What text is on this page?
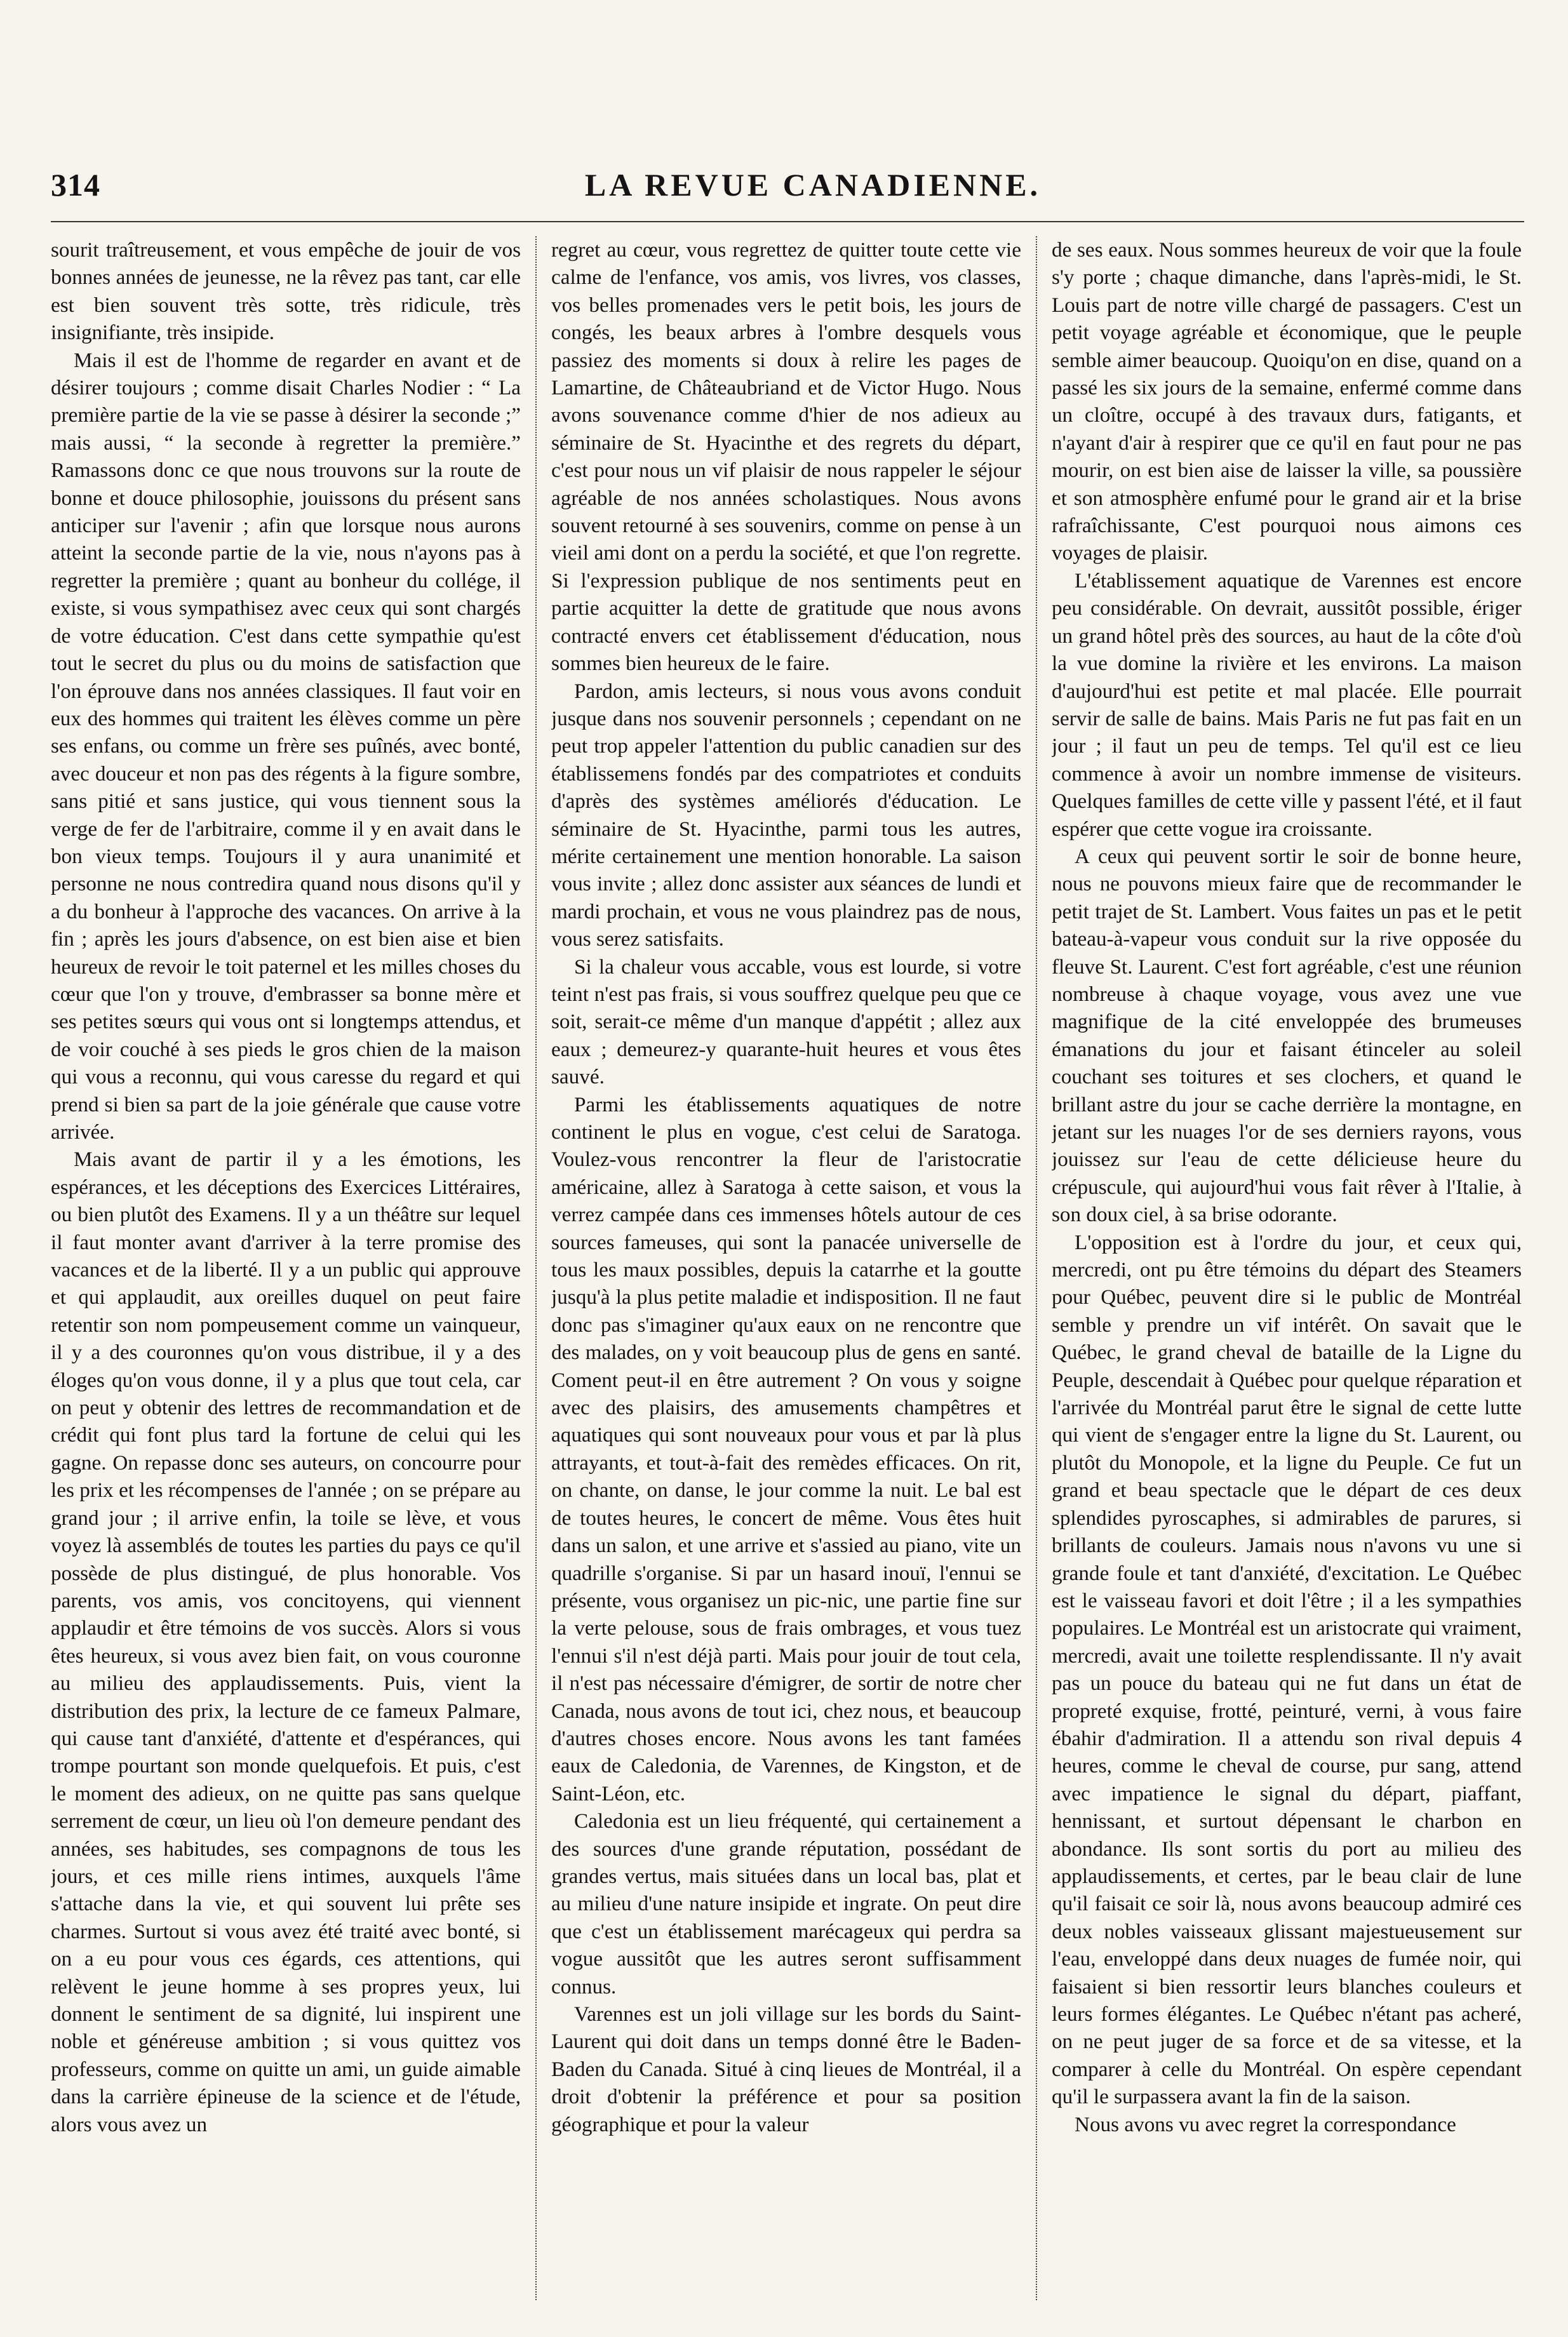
314	LA REVUE CANADIENNE.

sourit traîtreusement, et vous empêche de jouir de vos bonnes années de jeunesse, ne la rêvez pas tant, car elle est bien souvent très sotte, très ridicule, très insignifiante, très insipide.

Mais il est de l'homme de regarder en avant et de désirer toujours ; comme disait Charles Nodier : “ La première partie de la vie se passe à désirer la seconde ;” mais aussi, “ la seconde à regretter la première.” Ramassons donc ce que nous trouvons sur la route de bonne et douce philosophie, jouissons du présent sans anticiper sur l'avenir ; afin que lorsque nous aurons atteint la seconde partie de la vie, nous n'ayons pas à regretter la première ; quant au bonheur du collége, il existe, si vous sympathisez avec ceux qui sont chargés de votre éducation. C'est dans cette sympathie qu'est tout le secret du plus ou du moins de satisfaction que l'on éprouve dans nos années classiques. Il faut voir en eux des hommes qui traitent les élèves comme un père ses enfans, ou comme un frère ses puînés, avec bonté, avec douceur et non pas des régents à la figure sombre, sans pitié et sans justice, qui vous tiennent sous la verge de fer de l'arbitraire, comme il y en avait dans le bon vieux temps. Toujours il y aura unanimité et personne ne nous contredira quand nous disons qu'il y a du bonheur à l'approche des vacances. On arrive à la fin ; après les jours d'absence, on est bien aise et bien heureux de revoir le toit paternel et les milles choses du cœur que l'on y trouve, d'embrasser sa bonne mère et ses petites sœurs qui vous ont si longtemps attendus, et de voir couché à ses pieds le gros chien de la maison qui vous a reconnu, qui vous caresse du regard et qui prend si bien sa part de la joie générale que cause votre arrivée.

Mais avant de partir il y a les émotions, les espérances, et les déceptions des Exercices Littéraires, ou bien plutôt des Examens. Il y a un théâtre sur lequel il faut monter avant d'arriver à la terre promise des vacances et de la liberté. Il y a un public qui approuve et qui applaudit, aux oreilles duquel on peut faire retentir son nom pompeusement comme un vainqueur, il y a des couronnes qu'on vous distribue, il y a des éloges qu'on vous donne, il y a plus que tout cela, car on peut y obtenir des lettres de recommandation et de crédit qui font plus tard la fortune de celui qui les gagne. On repasse donc ses auteurs, on concourre pour les prix et les récompenses de l'année ; on se prépare au grand jour ; il arrive enfin, la toile se lève, et vous voyez là assemblés de toutes les parties du pays ce qu'il possède de plus distingué, de plus honorable. Vos parents, vos amis, vos concitoyens, qui viennent applaudir et être témoins de vos succès. Alors si vous êtes heureux, si vous avez bien fait, on vous couronne au milieu des applaudissements. Puis, vient la distribution des prix, la lecture de ce fameux Palmare, qui cause tant d'anxiété, d'attente et d'espérances, qui trompe pourtant son monde quelquefois. Et puis, c'est le moment des adieux, on ne quitte pas sans quelque serrement de cœur, un lieu où l'on demeure pendant des années, ses habitudes, ses compagnons de tous les jours, et ces mille riens intimes, auxquels l'âme s'attache dans la vie, et qui souvent lui prête ses charmes. Surtout si vous avez été traité avec bonté, si on a eu pour vous ces égards, ces attentions, qui relèvent le jeune homme à ses propres yeux, lui donnent le sentiment de sa dignité, lui inspirent une noble et généreuse ambition ; si vous quittez vos professeurs, comme on quitte un ami, un guide aimable dans la carrière épineuse de la science et de l'étude, alors vous avez un

regret au cœur, vous regrettez de quitter toute cette vie calme de l'enfance, vos amis, vos livres, vos classes, vos belles promenades vers le petit bois, les jours de congés, les beaux arbres à l'ombre desquels vous passiez des moments si doux à relire les pages de Lamartine, de Châteaubriand et de Victor Hugo. Nous avons souvenance comme d'hier de nos adieux au séminaire de St. Hyacinthe et des regrets du départ, c'est pour nous un vif plaisir de nous rappeler le séjour agréable de nos années scholastiques. Nous avons souvent retourné à ses souvenirs, comme on pense à un vieil ami dont on a perdu la société, et que l'on regrette. Si l'expression publique de nos sentiments peut en partie acquitter la dette de gratitude que nous avons contracté envers cet établissement d'éducation, nous sommes bien heureux de le faire.

Pardon, amis lecteurs, si nous vous avons conduit jusque dans nos souvenir personnels ; cependant on ne peut trop appeler l'attention du public canadien sur des établissemens fondés par des compatriotes et conduits d'après des systèmes améliorés d'éducation. Le séminaire de St. Hyacinthe, parmi tous les autres, mérite certainement une mention honorable. La saison vous invite ; allez donc assister aux séances de lundi et mardi prochain, et vous ne vous plaindrez pas de nous, vous serez satisfaits.

Si la chaleur vous accable, vous est lourde, si votre teint n'est pas frais, si vous souffrez quelque peu que ce soit, serait-ce même d'un manque d'appétit ; allez aux eaux ; demeurez-y quarante-huit heures et vous êtes sauvé.

Parmi les établissements aquatiques de notre continent le plus en vogue, c'est celui de Saratoga. Voulez-vous rencontrer la fleur de l'aristocratie américaine, allez à Saratoga à cette saison, et vous la verrez campée dans ces immenses hôtels autour de ces sources fameuses, qui sont la panacée universelle de tous les maux possibles, depuis la catarrhe et la goutte jusqu'à la plus petite maladie et indisposition. Il ne faut donc pas s'imaginer qu'aux eaux on ne rencontre que des malades, on y voit beaucoup plus de gens en santé. Coment peut-il en être autrement ? On vous y soigne avec des plaisirs, des amusements champêtres et aquatiques qui sont nouveaux pour vous et par là plus attrayants, et tout-à-fait des remèdes efficaces. On rit, on chante, on danse, le jour comme la nuit. Le bal est de toutes heures, le concert de même. Vous êtes huit dans un salon, et une arrive et s'assied au piano, vite un quadrille s'organise. Si par un hasard inouï, l'ennui se présente, vous organisez un pic-nic, une partie fine sur la verte pelouse, sous de frais ombrages, et vous tuez l'ennui s'il n'est déjà parti. Mais pour jouir de tout cela, il n'est pas nécessaire d'émigrer, de sortir de notre cher Canada, nous avons de tout ici, chez nous, et beaucoup d'autres choses encore. Nous avons les tant famées eaux de Caledonia, de Varennes, de Kingston, et de Saint-Léon, etc.

Caledonia est un lieu fréquenté, qui certainement a des sources d'une grande réputation, possédant de grandes vertus, mais situées dans un local bas, plat et au milieu d'une nature insipide et ingrate. On peut dire que c'est un établissement marécageux qui perdra sa vogue aussitôt que les autres seront suffisamment connus.

Varennes est un joli village sur les bords du Saint-Laurent qui doit dans un temps donné être le Baden-Baden du Canada. Situé à cinq lieues de Montréal, il a droit d'obtenir la préférence et pour sa position géographique et pour la valeur

de ses eaux. Nous sommes heureux de voir que la foule s'y porte ; chaque dimanche, dans l'après-midi, le St. Louis part de notre ville chargé de passagers. C'est un petit voyage agréable et économique, que le peuple semble aimer beaucoup. Quoiqu'on en dise, quand on a passé les six jours de la semaine, enfermé comme dans un cloître, occupé à des travaux durs, fatigants, et n'ayant d'air à respirer que ce qu'il en faut pour ne pas mourir, on est bien aise de laisser la ville, sa poussière et son atmosphère enfumé pour le grand air et la brise rafraîchissante, C'est pourquoi nous aimons ces voyages de plaisir.

L'établissement aquatique de Varennes est encore peu considérable. On devrait, aussitôt possible, ériger un grand hôtel près des sources, au haut de la côte d'où la vue domine la rivière et les environs. La maison d'aujourd'hui est petite et mal placée. Elle pourrait servir de salle de bains. Mais Paris ne fut pas fait en un jour ; il faut un peu de temps. Tel qu'il est ce lieu commence à avoir un nombre immense de visiteurs. Quelques familles de cette ville y passent l'été, et il faut espérer que cette vogue ira croissante.

A ceux qui peuvent sortir le soir de bonne heure, nous ne pouvons mieux faire que de recommander le petit trajet de St. Lambert. Vous faites un pas et le petit bateau-à-vapeur vous conduit sur la rive opposée du fleuve St. Laurent. C'est fort agréable, c'est une réunion nombreuse à chaque voyage, vous avez une vue magnifique de la cité enveloppée des brumeuses émanations du jour et faisant étinceler au soleil couchant ses toitures et ses clochers, et quand le brillant astre du jour se cache derrière la montagne, en jetant sur les nuages l'or de ses derniers rayons, vous jouissez sur l'eau de cette délicieuse heure du crépuscule, qui aujourd'hui vous fait rêver à l'Italie, à son doux ciel, à sa brise odorante.

L'opposition est à l'ordre du jour, et ceux qui, mercredi, ont pu être témoins du départ des Steamers pour Québec, peuvent dire si le public de Montréal semble y prendre un vif intérêt. On savait que le Québec, le grand cheval de bataille de la Ligne du Peuple, descendait à Québec pour quelque réparation et l'arrivée du Montréal parut être le signal de cette lutte qui vient de s'engager entre la ligne du St. Laurent, ou plutôt du Monopole, et la ligne du Peuple. Ce fut un grand et beau spectacle que le départ de ces deux splendides pyroscaphes, si admirables de parures, si brillants de couleurs. Jamais nous n'avons vu une si grande foule et tant d'anxiété, d'excitation. Le Québec est le vaisseau favori et doit l'être ; il a les sympathies populaires. Le Montréal est un aristocrate qui vraiment, mercredi, avait une toilette resplendissante. Il n'y avait pas un pouce du bateau qui ne fut dans un état de propreté exquise, frotté, peinturé, verni, à vous faire ébahir d'admiration. Il a attendu son rival depuis 4 heures, comme le cheval de course, pur sang, attend avec impatience le signal du départ, piaffant, hennissant, et surtout dépensant le charbon en abondance. Ils sont sortis du port au milieu des applaudissements, et certes, par le beau clair de lune qu'il faisait ce soir là, nous avons beaucoup admiré ces deux nobles vaisseaux glissant majestueusement sur l'eau, enveloppé dans deux nuages de fumée noir, qui faisaient si bien ressortir leurs blanches couleurs et leurs formes élégantes. Le Québec n'étant pas acheré, on ne peut juger de sa force et de sa vitesse, et la comparer à celle du Montréal. On espère cependant qu'il le surpassera avant la fin de la saison.

Nous avons vu avec regret la correspondance
